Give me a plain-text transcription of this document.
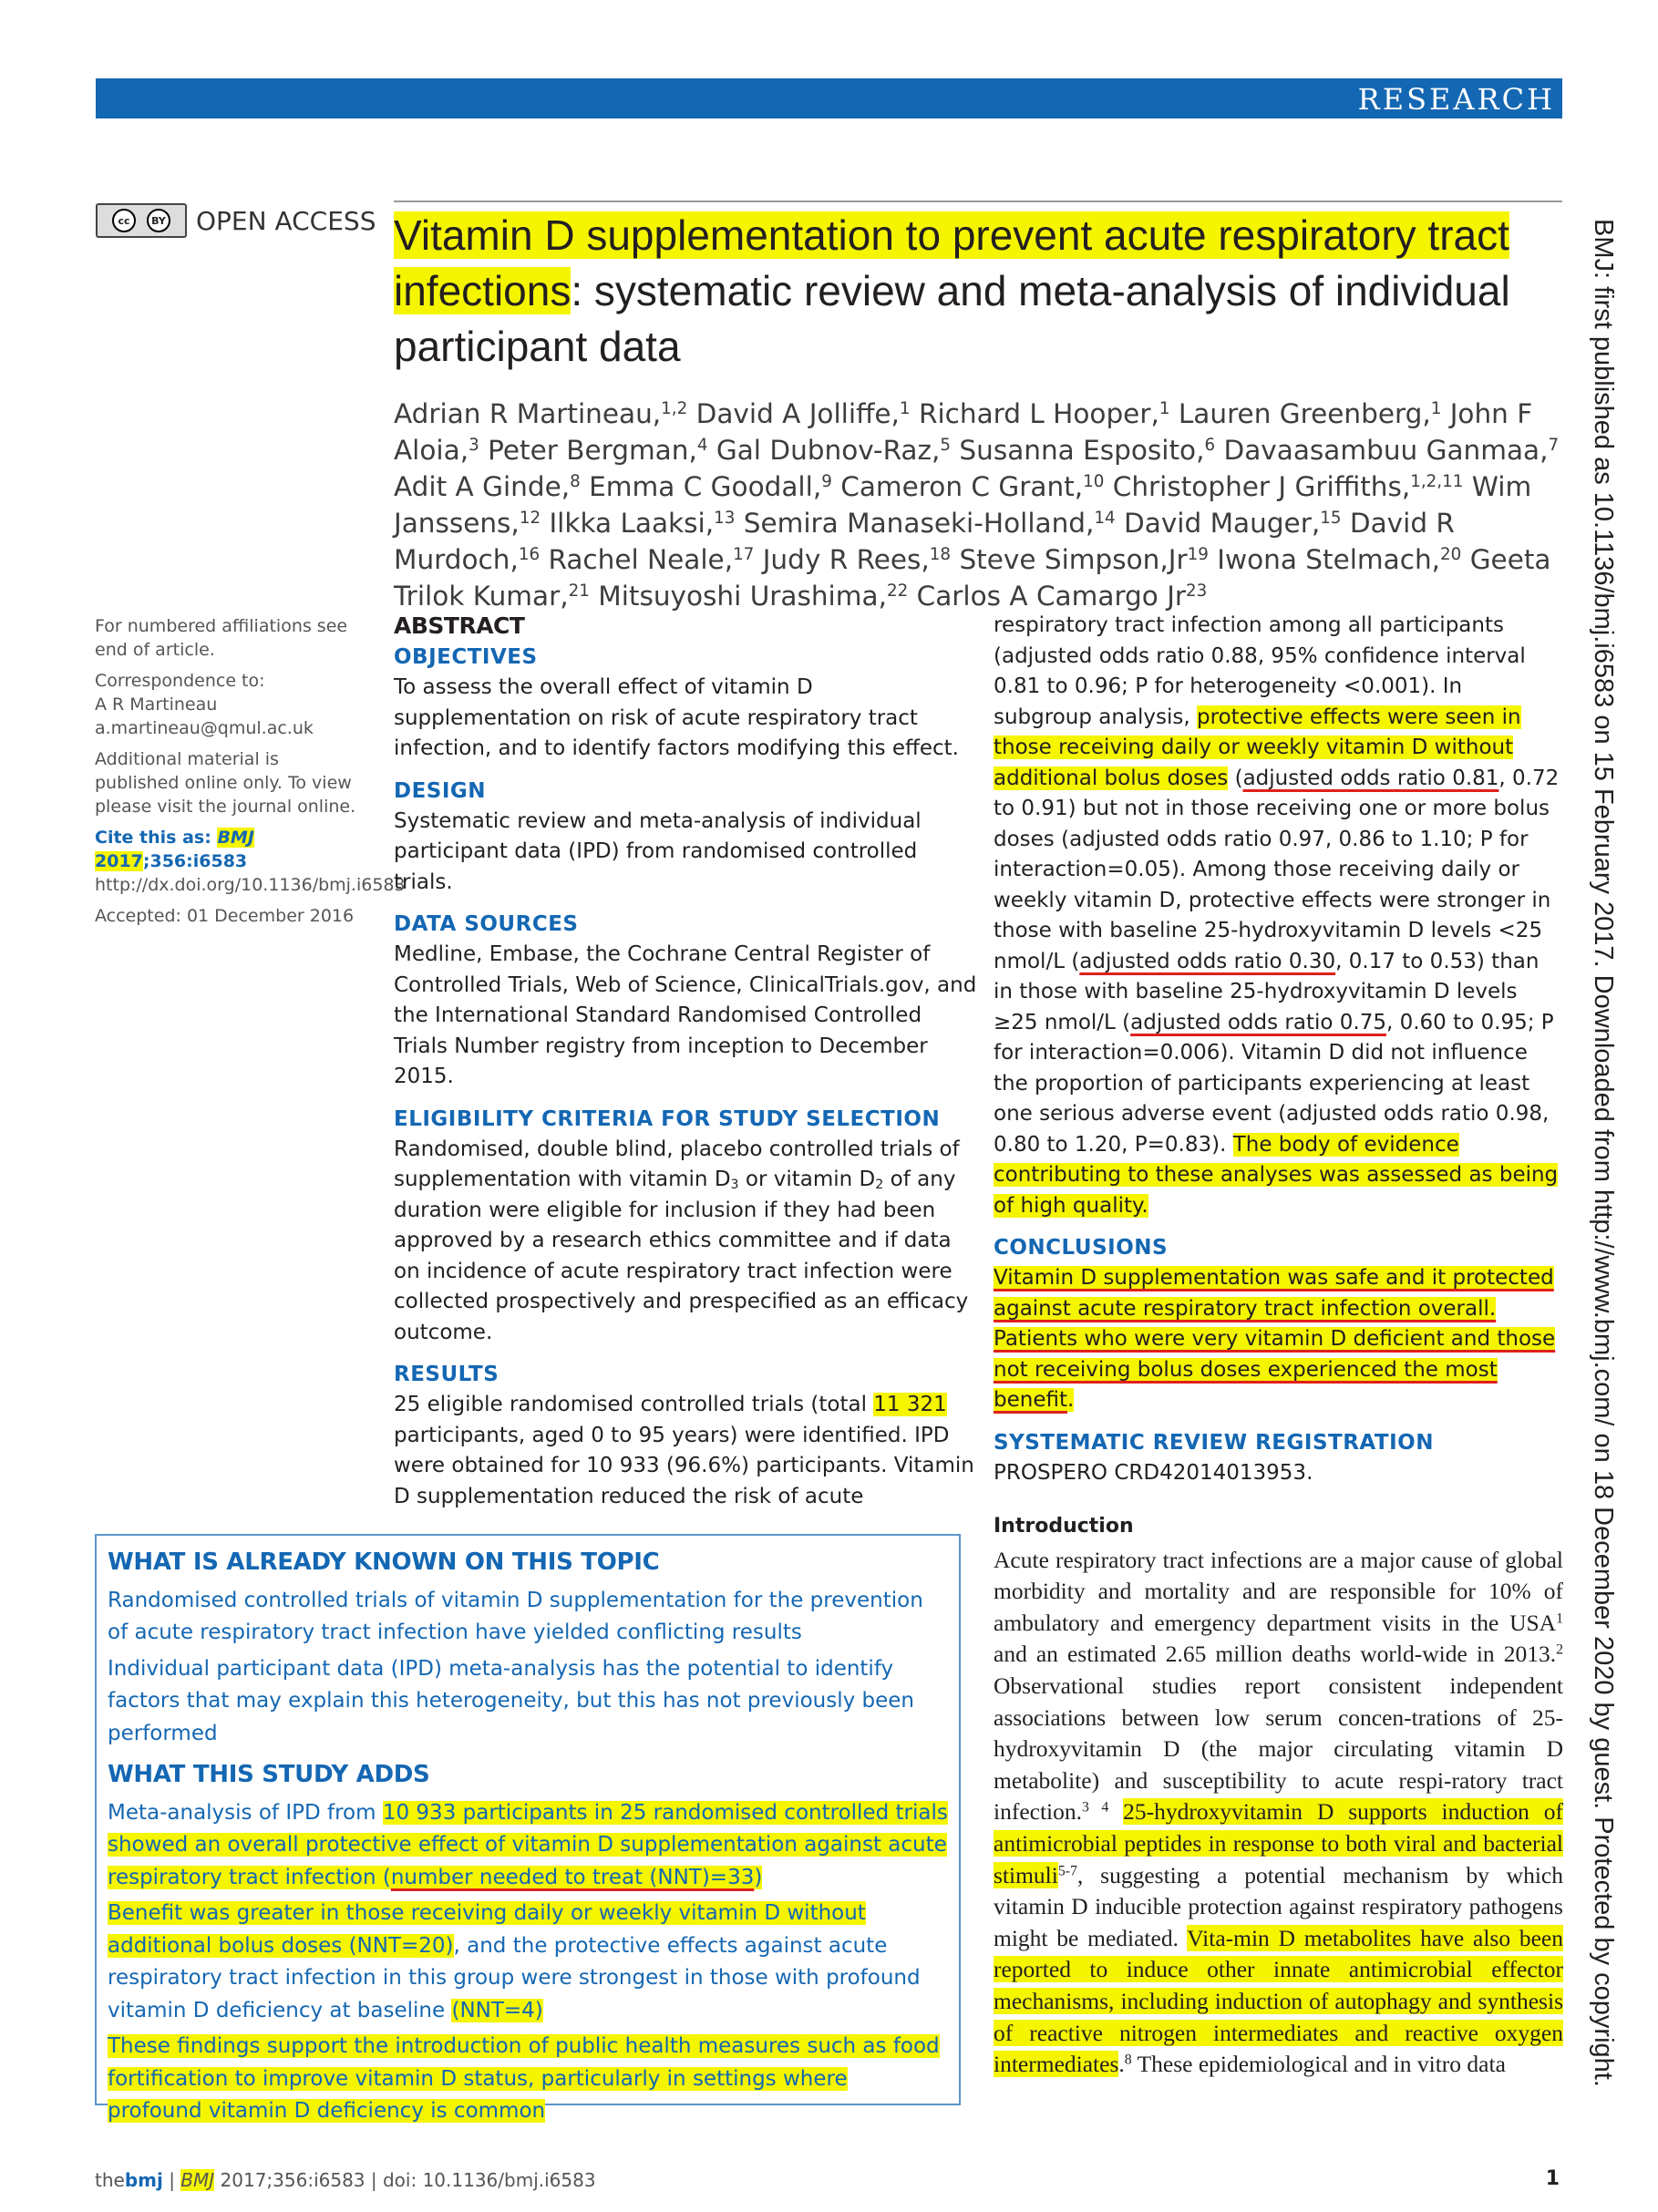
RESEARCH
cc	BY OPEN ACCESS Vitamin D supplementation to prevent acute respiratory tract infections: systematic review and meta-analysis of individual participant data
Adrian R Martineau,$^{1,2}$ David A Jolliffe,$^1$ Richard L Hooper,$^1$ Lauren Greenberg,$^1$ John F Aloia,$^3$ Peter Bergman,$^4$ Gal Dubnov-Raz,$^5$ Susanna Esposito,$^6$ Davaasambuu Ganmaa,$^7$ Adit A Ginde,$^8$ Emma C Goodall,$^9$ Cameron C Grant,$^{10}$ Christopher J Griffiths,$^{1,2,11}$ Wim Janssens,$^{12}$ Ilkka Laaksi,$^{13}$ Semira Manaseki-Holland,$^{14}$ David Mauger,$^{15}$ David R Murdoch,$^{16}$ Rachel Neale,$^{17}$ Judy R Rees,$^{18}$ Steve Simpson,Jr$^{19}$ Iwona Stelmach,$^{20}$ Geeta Trilok Kumar,$^{21}$ Mitsuyoshi Urashima,$^{22}$ Carlos A Camargo Jr$^{23}$

For numbered affiliations see end of article.

Correspondence to:

A R Martineau

a.martineau@qmul.ac.uk

Additional material is published online only. To view please visit the journal online.

Cite this as: BMJ 2017;356:i6583

http://dx.doi.org/10.1136/bmj.i6583

Accepted: 01 December 2016

ABSTRACT

OBJECTIVES

To assess the overall effect of vitamin D supplementation on risk of acute respiratory tract infection, and to identify factors modifying this effect.

DESIGN

Systematic review and meta-analysis of individual participant data (IPD) from randomised controlled trials.

DATA SOURCES

Medline, Embase, the Cochrane Central Register of Controlled Trials, Web of Science, ClinicalTrials.gov, and the International Standard Randomised Controlled Trials Number registry from inception to December 2015.

ELIGIBILITY CRITERIA FOR STUDY SELECTION

Randomised, double blind, placebo controlled trials of supplementation with vitamin $D_3$ or vitamin $D_2$ of any duration were eligible for inclusion if they had been approved by a research ethics committee and if data on incidence of acute respiratory tract infection were collected prospectively and prespecified as an efficacy outcome.

RESULTS

25 eligible randomised controlled trials (total 11 321 participants, aged 0 to 95 years) were identified. IPD were obtained for 10 933 (96.6%) participants. Vitamin D supplementation reduced the risk of acute

respiratory tract infection among all participants (adjusted odds ratio 0.88, 95% confidence interval 0.81 to 0.96; P for heterogeneity <0.001). In subgroup analysis, protective effects were seen in those receiving daily or weekly vitamin D without additional bolus doses (adjusted odds ratio 0.81, 0.72 to 0.91) but not in those receiving one or more bolus doses (adjusted odds ratio 0.97, 0.86 to 1.10; P for interaction=0.05). Among those receiving daily or weekly vitamin D, protective effects were stronger in those with baseline 25-hydroxyvitamin D levels <25 nmol/L (adjusted odds ratio 0.30, 0.17 to 0.53) than in those with baseline 25-hydroxyvitamin D levels ≥25 nmol/L (adjusted odds ratio 0.75, 0.60 to 0.95; P for interaction=0.006). Vitamin D did not influence the proportion of participants experiencing at least one serious adverse event (adjusted odds ratio 0.98, 0.80 to 1.20, P=0.83). The body of evidence contributing to these analyses was assessed as being of high quality.

CONCLUSIONS

Vitamin D supplementation was safe and it protected against acute respiratory tract infection overall. Patients who were very vitamin D deficient and those not receiving bolus doses experienced the most benefit.

SYSTEMATIC REVIEW REGISTRATION

PROSPERO CRD42014013953.

WHAT IS ALREADY KNOWN ON THIS TOPIC

Randomised controlled trials of vitamin D supplementation for the prevention of acute respiratory tract infection have yielded conflicting results

Individual participant data (IPD) meta-analysis has the potential to identify factors that may explain this heterogeneity, but this has not previously been performed

WHAT THIS STUDY ADDS

Meta-analysis of IPD from 10 933 participants in 25 randomised controlled trials showed an overall protective effect of vitamin D supplementation against acute respiratory tract infection (number needed to treat (NNT)=33)

Benefit was greater in those receiving daily or weekly vitamin D without additional bolus doses (NNT=20), and the protective effects against acute respiratory tract infection in this group were strongest in those with profound vitamin D deficiency at baseline (NNT=4)

These findings support the introduction of public health measures such as food fortification to improve vitamin D status, particularly in settings where profound vitamin D deficiency is common

Introduction

Acute respiratory tract infections are a major cause of global morbidity and mortality and are responsible for 10% of ambulatory and emergency department visits in the USA$^1$ and an estimated 2.65 million deaths world-wide in 2013.$^2$ Observational studies report consistent independent associations between low serum concen-trations of 25-hydroxyvitamin D (the major circulating vitamin D metabolite) and susceptibility to acute respi-ratory tract infection.$^{3 4}$ 25-hydroxyvitamin D supports induction of antimicrobial peptides in response to both viral and bacterial stimuli$^{5-7}$, suggesting a potential mechanism by which vitamin D inducible protection against respiratory pathogens might be mediated. Vita-min D metabolites have also been reported to induce other innate antimicrobial effector mechanisms, including induction of autophagy and synthesis of reactive nitrogen intermediates and reactive oxygen intermediates.$^8$ These epidemiological and in vitro data	BMJ: first published as 10.1136/bmj.i6583 on 15 February 2017. Downloaded from http://www.bmj.com/ on 18 December 2020 by guest. Protected by copyright.
thebmj | BMJ 2017;356:i6583 | doi: 10.1136/bmj.i6583	1
